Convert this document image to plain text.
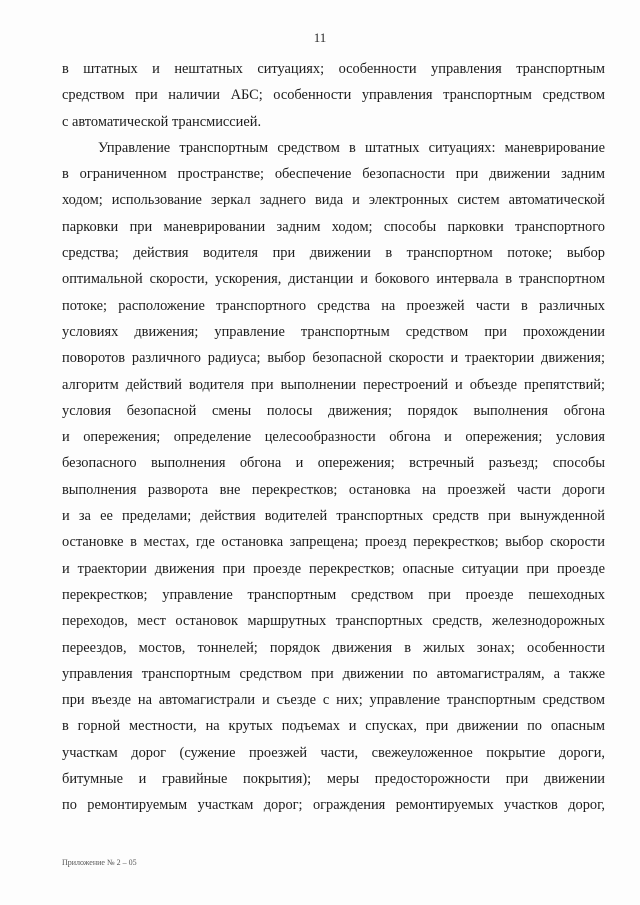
11
в штатных и нештатных ситуациях; особенности управления транспортным
средством при наличии АБС; особенности управления транспортным средством
с автоматической трансмиссией.
Управление транспортным средством в штатных ситуациях: маневрирование
в ограниченном пространстве; обеспечение безопасности при движении задним
ходом; использование зеркал заднего вида и электронных систем автоматической
парковки при маневрировании задним ходом; способы парковки транспортного
средства; действия водителя при движении в транспортном потоке; выбор
оптимальной скорости, ускорения, дистанции и бокового интервала в транспортном
потоке; расположение транспортного средства на проезжей части в различных
условиях движения; управление транспортным средством при прохождении
поворотов различного радиуса; выбор безопасной скорости и траектории движения;
алгоритм действий водителя при выполнении перестроений и объезде препятствий;
условия безопасной смены полосы движения; порядок выполнения обгона
и опережения; определение целесообразности обгона и опережения; условия
безопасного выполнения обгона и опережения; встречный разъезд; способы
выполнения разворота вне перекрестков; остановка на проезжей части дороги
и за ее пределами; действия водителей транспортных средств при вынужденной
остановке в местах, где остановка запрещена; проезд перекрестков; выбор скорости
и траектории движения при проезде перекрестков; опасные ситуации при проезде
перекрестков; управление транспортным средством при проезде пешеходных
переходов, мест остановок маршрутных транспортных средств, железнодорожных
переездов, мостов, тоннелей; порядок движения в жилых зонах; особенности
управления транспортным средством при движении по автомагистралям, а также
при въезде на автомагистрали и съезде с них; управление транспортным средством
в горной местности, на крутых подъемах и спусках, при движении по опасным
участкам дорог (сужение проезжей части, свежеуложенное покрытие дороги,
битумные и гравийные покрытия); меры предосторожности при движении
по ремонтируемым участкам дорог; ограждения ремонтируемых участков дорог,
Приложение № 2 – 05
